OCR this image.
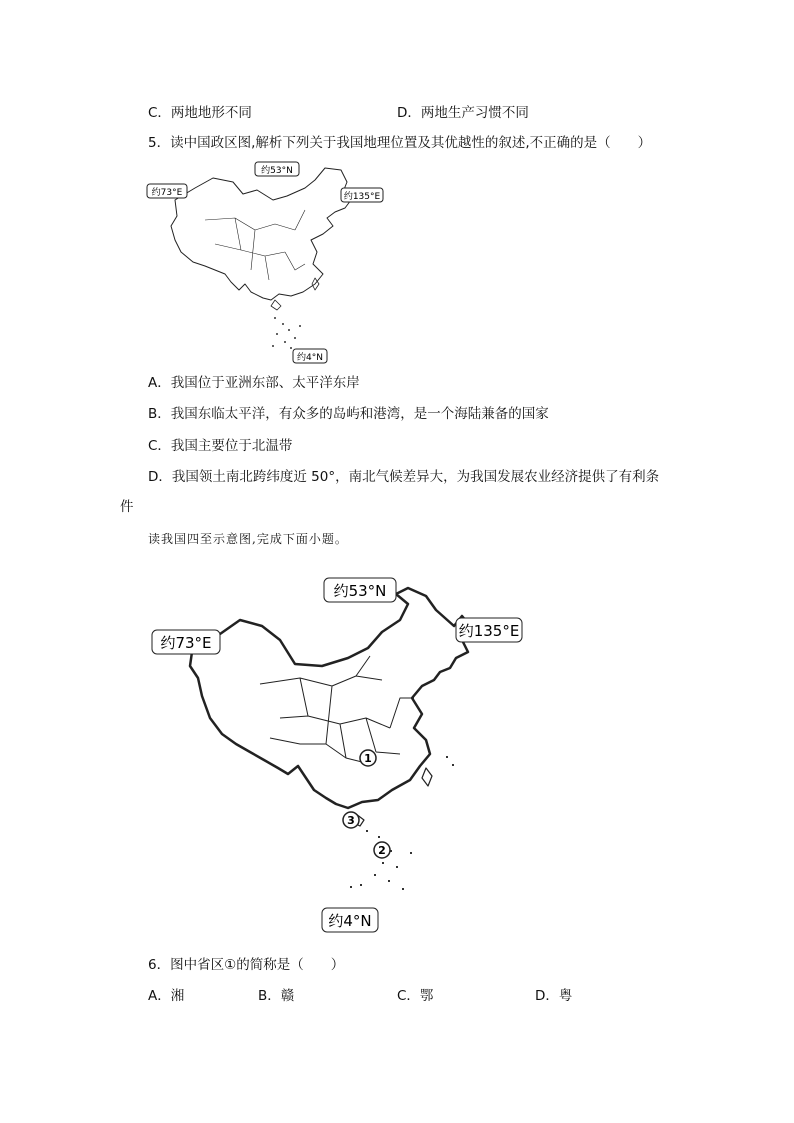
C．两地地形不同	D．两地生产习惯不同
5．读中国政区图,解析下列关于我国地理位置及其优越性的叙述,不正确的是（　　）
约53°N
约73°E	约135°E
约4°N
A．我国位于亚洲东部、太平洋东岸
B．我国东临太平洋，有众多的岛屿和港湾，是一个海陆兼备的国家
C．我国主要位于北温带
D．我国领土南北跨纬度近 50°，南北气候差异大，为我国发展农业经济提供了有利条
件
读我国四至示意图,完成下面小题。
1
2
3
约53°N
约73°E
约135°E
约4°N
6．图中省区①的简称是（　　）
A．湘	B．赣	C．鄂	D．粤
